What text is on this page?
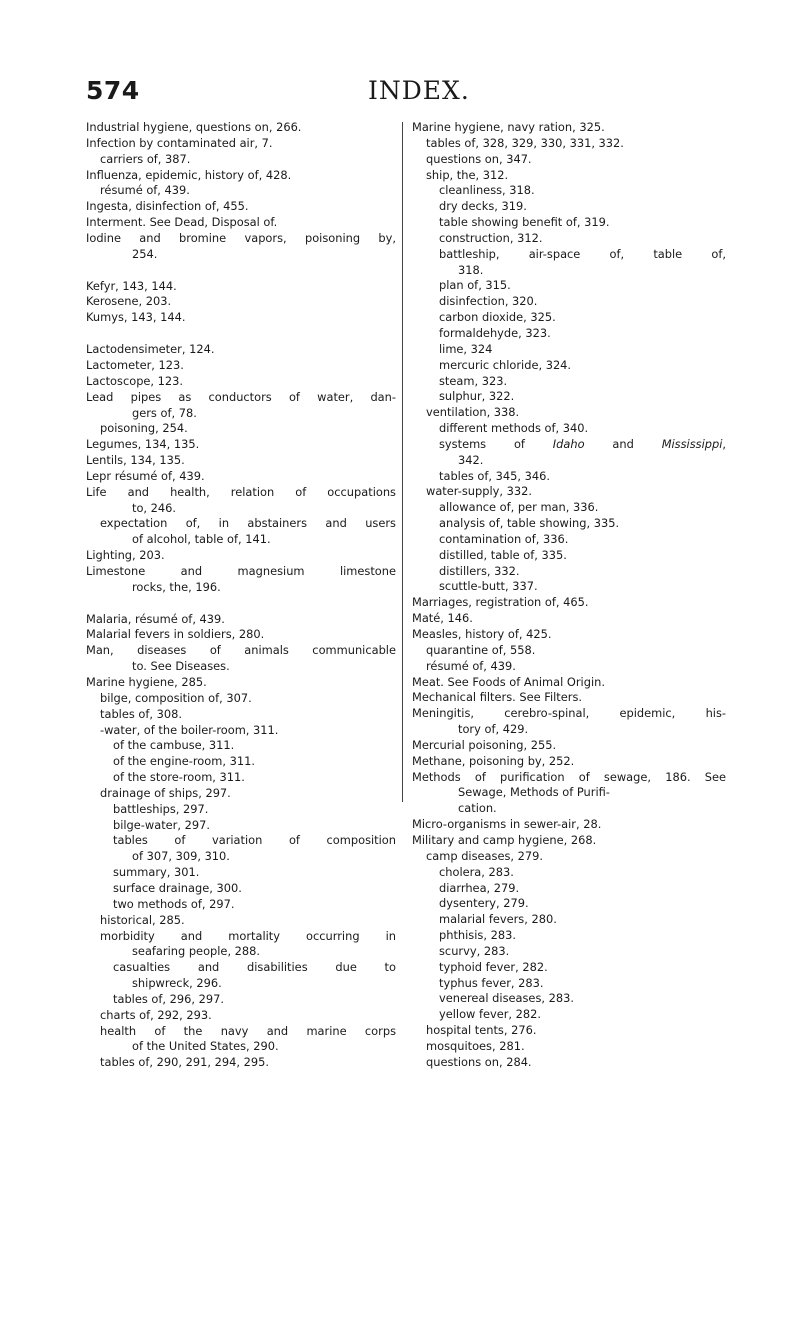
574	INDEX.
Industrial hygiene, questions on, 266.
Infection by contaminated air, 7.
carriers of, 387.
Influenza, epidemic, history of, 428.
résumé of, 439.
Ingesta, disinfection of, 455.
Interment. See Dead, Disposal of.
Iodine and bromine vapors, poisoning by,
254.
Kefyr, 143, 144.
Kerosene, 203.
Kumys, 143, 144.
Lactodensimeter, 124.
Lactometer, 123.
Lactoscope, 123.
Lead pipes as conductors of water, dan-
gers of, 78.
poisoning, 254.
Legumes, 134, 135.
Lentils, 134, 135.
Lepr résumé of, 439.
Life and health, relation of occupations
to, 246.
expectation of, in abstainers and users
of alcohol, table of, 141.
Lighting, 203.
Limestone and magnesium limestone
rocks, the, 196.
Malaria, résumé of, 439.
Malarial fevers in soldiers, 280.
Man, diseases of animals communicable
to. See Diseases.
Marine hygiene, 285.
bilge, composition of, 307.
tables of, 308.
-water, of the boiler-room, 311.
of the cambuse, 311.
of the engine-room, 311.
of the store-room, 311.
drainage of ships, 297.
battleships, 297.
bilge-water, 297.
tables of variation of composition
of 307, 309, 310.
summary, 301.
surface drainage, 300.
two methods of, 297.
historical, 285.
morbidity and mortality occurring in
seafaring people, 288.
casualties and disabilities due to
shipwreck, 296.
tables of, 296, 297.
charts of, 292, 293.
health of the navy and marine corps
of the United States, 290.
tables of, 290, 291, 294, 295.
Marine hygiene, navy ration, 325.
tables of, 328, 329, 330, 331, 332.
questions on, 347.
ship, the, 312.
cleanliness, 318.
dry decks, 319.
table showing benefit of, 319.
construction, 312.
battleship, air-space of, table of,
318.
plan of, 315.
disinfection, 320.
carbon dioxide, 325.
formaldehyde, 323.
lime, 324
mercuric chloride, 324.
steam, 323.
sulphur, 322.
ventilation, 338.
different methods of, 340.
systems of Idaho and Mississippi,
342.
tables of, 345, 346.
water-supply, 332.
allowance of, per man, 336.
analysis of, table showing, 335.
contamination of, 336.
distilled, table of, 335.
distillers, 332.
scuttle-butt, 337.
Marriages, registration of, 465.
Maté, 146.
Measles, history of, 425.
quarantine of, 558.
résumé of, 439.
Meat. See Foods of Animal Origin.
Mechanical filters. See Filters.
Meningitis, cerebro-spinal, epidemic, his-
tory of, 429.
Mercurial poisoning, 255.
Methane, poisoning by, 252.
Methods of purification of sewage, 186. See
Sewage, Methods of Purifi-
cation.
Micro-organisms in sewer-air, 28.
Military and camp hygiene, 268.
camp diseases, 279.
cholera, 283.
diarrhea, 279.
dysentery, 279.
malarial fevers, 280.
phthisis, 283.
scurvy, 283.
typhoid fever, 282.
typhus fever, 283.
venereal diseases, 283.
yellow fever, 282.
hospital tents, 276.
mosquitoes, 281.
questions on, 284.
